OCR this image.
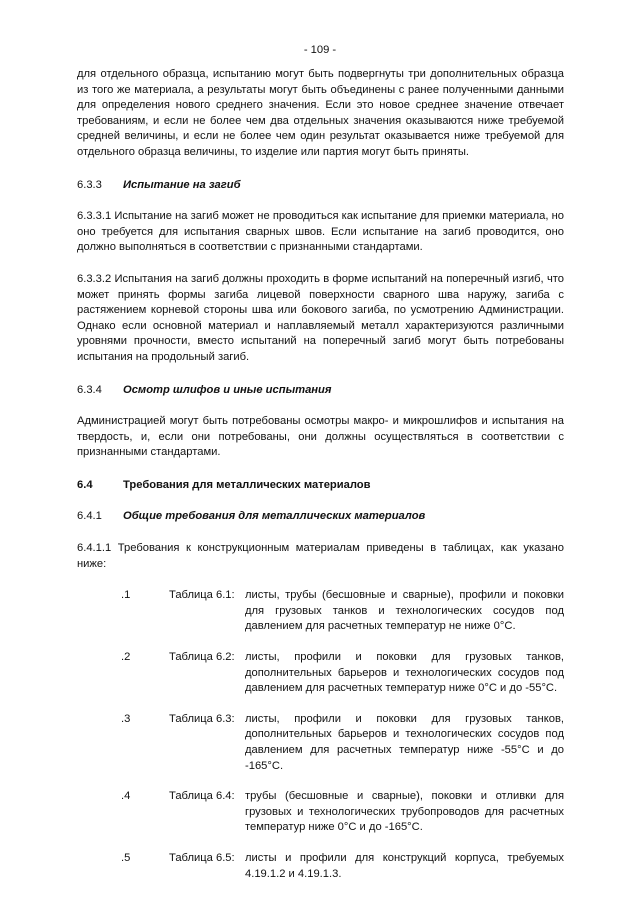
- 109 -

для отдельного образца, испытанию могут быть подвергнуты три дополнительных образца из того же материала, а результаты могут быть объединены с ранее полученными данными для определения нового среднего значения. Если это новое среднее значение отвечает требованиям, и если не более чем два отдельных значения оказываются ниже требуемой средней величины, и если не более чем один результат оказывается ниже требуемой для отдельного образца величины, то изделие или партия могут быть приняты.

6.3.3	Испытание на загиб

6.3.3.1 Испытание на загиб может не проводиться как испытание для приемки материала, но оно требуется для испытания сварных швов. Если испытание на загиб проводится, оно должно выполняться в соответствии с признанными стандартами.

6.3.3.2 Испытания на загиб должны проходить в форме испытаний на поперечный изгиб, что может принять формы загиба лицевой поверхности сварного шва наружу, загиба с растяжением корневой стороны шва или бокового загиба, по усмотрению Администрации. Однако если основной материал и наплавляемый металл характеризуются различными уровнями прочности, вместо испытаний на поперечный загиб могут быть потребованы испытания на продольный загиб.

6.3.4	Осмотр шлифов и иные испытания

Администрацией могут быть потребованы осмотры макро- и микрошлифов и испытания на твердость, и, если они потребованы, они должны осуществляться в соответствии с признанными стандартами.

6.4	Требования для металлических материалов
6.4.1	Общие требования для металлических материалов

6.4.1.1 Требования к конструкционным материалам приведены в таблицах, как указано ниже:

.1	Таблица 6.1: листы, трубы (бесшовные и сварные), профили и поковки для грузовых танков и технологических сосудов под давлением для расчетных температур не ниже 0°C.
.2	Таблица 6.2: листы, профили и поковки для грузовых танков, дополнительных барьеров и технологических сосудов под давлением для расчетных температур ниже 0°C и до -55°C.
.3	Таблица 6.3: листы, профили и поковки для грузовых танков, дополнительных барьеров и технологических сосудов под давлением для расчетных температур ниже -55°C и до -165°C.
.4	Таблица 6.4: трубы (бесшовные и сварные), поковки и отливки для грузовых и технологических трубопроводов для расчетных температур ниже 0°C и до -165°C.
.5	Таблица 6.5: листы и профили для конструкций корпуса, требуемых 4.19.1.2 и 4.19.1.3.
